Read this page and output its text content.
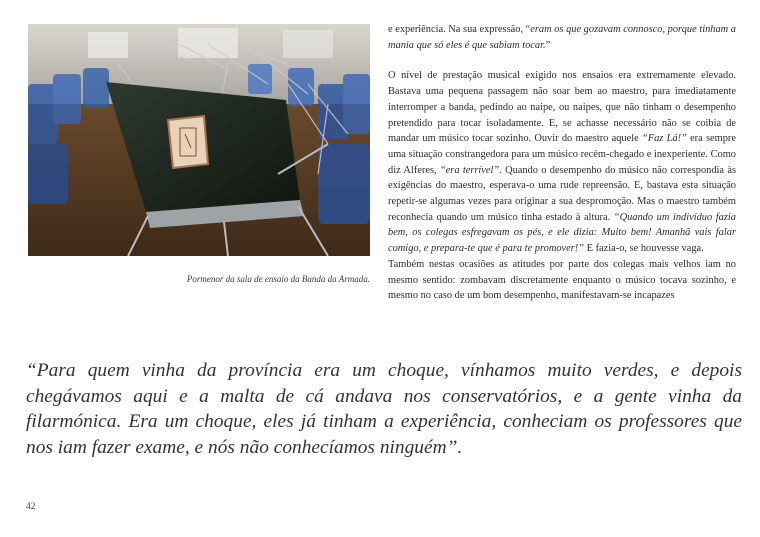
Pormenor da sala de ensaio da Banda da Armada.

e experiência. Na sua expressão, “eram os que gozavam connosco, porque tinham a mania que só eles é que sabiam tocar.”

O nível de prestação musical exigido nos ensaios era extremamente elevado. Bastava uma pequena passagem não soar bem ao maestro, para imediatamente interromper a banda, pedindo ao naipe, ou naipes, que não tinham o desempenho pretendido para tocar isoladamente. E, se achasse necessário não se coibia de mandar um músico tocar sozinho. Ouvir do maestro aquele “Faz Lá!” era sempre uma situação constrangedora para um músico recém-chegado e inexperiente. Como diz Alferes, “era terrível”. Quando o desempenho do músico não correspondia às exigências do maestro, esperava-o uma rude repreensão. E, bastava esta situação repetir-se algumas vezes para originar a sua despromoção. Mas o maestro também reconhecia quando um músico tinha estado à altura. “Quando um indivíduo fazia bem, os colegas esfregavam os pés, e ele dizia: Muito bem! Amanhã vais falar comigo, e prepara-te que é para te promover!” E fazia-o, se houvesse vaga.

Também nestas ocasiões as atitudes por parte dos colegas mais velhos iam no mesmo sentido: zombavam discretamente enquanto o músico tocava sozinho, e mesmo no caso de um bom desempenho, manifestavam-se incapazes

“Para quem vinha da província era um choque, vínhamos muito verdes, e depois chegávamos aqui e a malta de cá andava nos conservatórios, e a gente vinha da filarmónica. Era um choque, eles já tinham a experiência, conheciam os professores que nos iam fazer exame, e nós não conhecíamos ninguém”.
42
